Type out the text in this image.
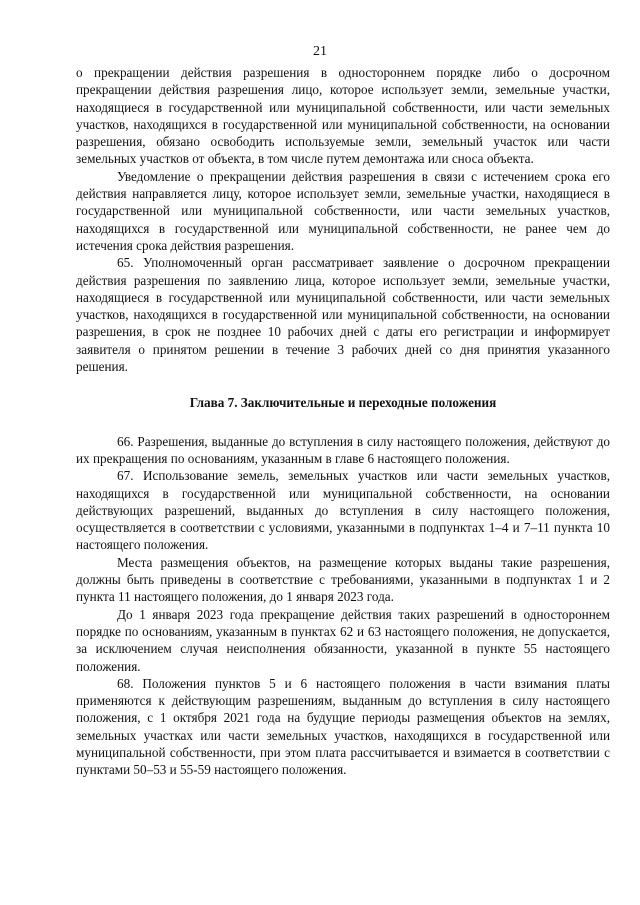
21

о прекращении действия разрешения в одностороннем порядке либо о досрочном прекращении действия разрешения лицо, которое использует земли, земельные участки, находящиеся в государственной или муниципальной собственности, или части земельных участков, находящихся в государственной или муниципальной собственности, на основании разрешения, обязано освободить используемые земли, земельный участок или части земельных участков от объекта, в том числе путем демонтажа или сноса объекта.

Уведомление о прекращении действия разрешения в связи с истечением срока его действия направляется лицу, которое использует земли, земельные участки, находящиеся в государственной или муниципальной собственности, или части земельных участков, находящихся в государственной или муниципальной собственности, не ранее чем до истечения срока действия разрешения.

65. Уполномоченный орган рассматривает заявление о досрочном прекращении действия разрешения по заявлению лица, которое использует земли, земельные участки, находящиеся в государственной или муниципальной собственности, или части земельных участков, находящихся в государственной или муниципальной собственности, на основании разрешения, в срок не позднее 10 рабочих дней с даты его регистрации и информирует заявителя о принятом решении в течение 3 рабочих дней со дня принятия указанного решения.

Глава 7. Заключительные и переходные положения

66. Разрешения, выданные до вступления в силу настоящего положения, действуют до их прекращения по основаниям, указанным в главе 6 настоящего положения.

67. Использование земель, земельных участков или части земельных участков, находящихся в государственной или муниципальной собственности, на основании действующих разрешений, выданных до вступления в силу настоящего положения, осуществляется в соответствии с условиями, указанными в подпунктах 1–4 и 7–11 пункта 10 настоящего положения.

Места размещения объектов, на размещение которых выданы такие разрешения, должны быть приведены в соответствие с требованиями, указанными в подпунктах 1 и 2 пункта 11 настоящего положения, до 1 января 2023 года.

До 1 января 2023 года прекращение действия таких разрешений в одностороннем порядке по основаниям, указанным в пунктах 62 и 63 настоящего положения, не допускается, за исключением случая неисполнения обязанности, указанной в пункте 55 настоящего положения.

68. Положения пунктов 5 и 6 настоящего положения в части взимания платы применяются к действующим разрешениям, выданным до вступления в силу настоящего положения, с 1 октября 2021 года на будущие периоды размещения объектов на землях, земельных участках или части земельных участков, находящихся в государственной или муниципальной собственности, при этом плата рассчитывается и взимается в соответствии с пунктами 50–53 и 55-59 настоящего положения.
